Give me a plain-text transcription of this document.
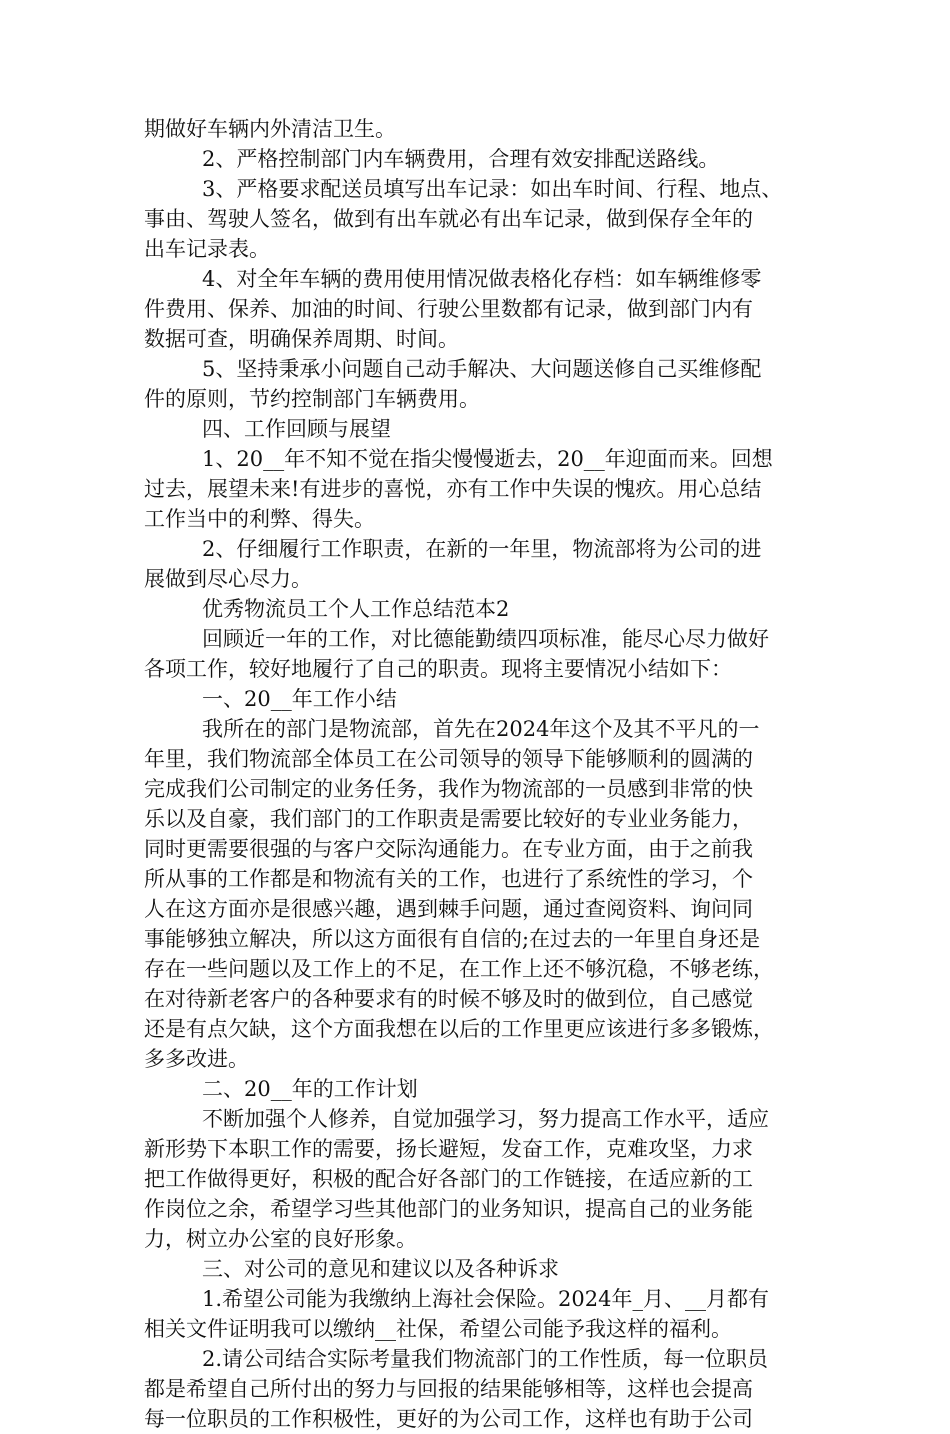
期做好车辆内外清洁卫生。
2、严格控制部门内车辆费用，合理有效安排配送路线。
3、严格要求配送员填写出车记录：如出车时间、行程、地点、
事由、驾驶人签名，做到有出车就必有出车记录，做到保存全年的
出车记录表。
4、对全年车辆的费用使用情况做表格化存档：如车辆维修零
件费用、保养、加油的时间、行驶公里数都有记录，做到部门内有
数据可查，明确保养周期、时间。
5、坚持秉承小问题自己动手解决、大问题送修自己买维修配
件的原则，节约控制部门车辆费用。
四、工作回顾与展望
1、20__年不知不觉在指尖慢慢逝去，20__年迎面而来。回想
过去，展望未来!有进步的喜悦，亦有工作中失误的愧疚。用心总结
工作当中的利弊、得失。
2、仔细履行工作职责，在新的一年里，物流部将为公司的进
展做到尽心尽力。
优秀物流员工个人工作总结范本2
回顾近一年的工作，对比德能勤绩四项标准，能尽心尽力做好
各项工作，较好地履行了自己的职责。现将主要情况小结如下：
一、20__年工作小结
我所在的部门是物流部，首先在2024年这个及其不平凡的一
年里，我们物流部全体员工在公司领导的领导下能够顺利的圆满的
完成我们公司制定的业务任务，我作为物流部的一员感到非常的快
乐以及自豪，我们部门的工作职责是需要比较好的专业业务能力，
同时更需要很强的与客户交际沟通能力。在专业方面，由于之前我
所从事的工作都是和物流有关的工作，也进行了系统性的学习，个
人在这方面亦是很感兴趣，遇到棘手问题，通过查阅资料、询问同
事能够独立解决，所以这方面很有自信的;在过去的一年里自身还是
存在一些问题以及工作上的不足，在工作上还不够沉稳，不够老练，
在对待新老客户的各种要求有的时候不够及时的做到位，自己感觉
还是有点欠缺，这个方面我想在以后的工作里更应该进行多多锻炼，
多多改进。
二、20__年的工作计划
不断加强个人修养，自觉加强学习，努力提高工作水平，适应
新形势下本职工作的需要，扬长避短，发奋工作，克难攻坚，力求
把工作做得更好，积极的配合好各部门的工作链接，在适应新的工
作岗位之余，希望学习些其他部门的业务知识，提高自己的业务能
力，树立办公室的良好形象。
三、对公司的意见和建议以及各种诉求
1.希望公司能为我缴纳上海社会保险。2024年_月、__月都有
相关文件证明我可以缴纳__社保，希望公司能予我这样的福利。
2.请公司结合实际考量我们物流部门的工作性质，每一位职员
都是希望自己所付出的努力与回报的结果能够相等，这样也会提高
每一位职员的工作积极性，更好的为公司工作，这样也有助于公司
